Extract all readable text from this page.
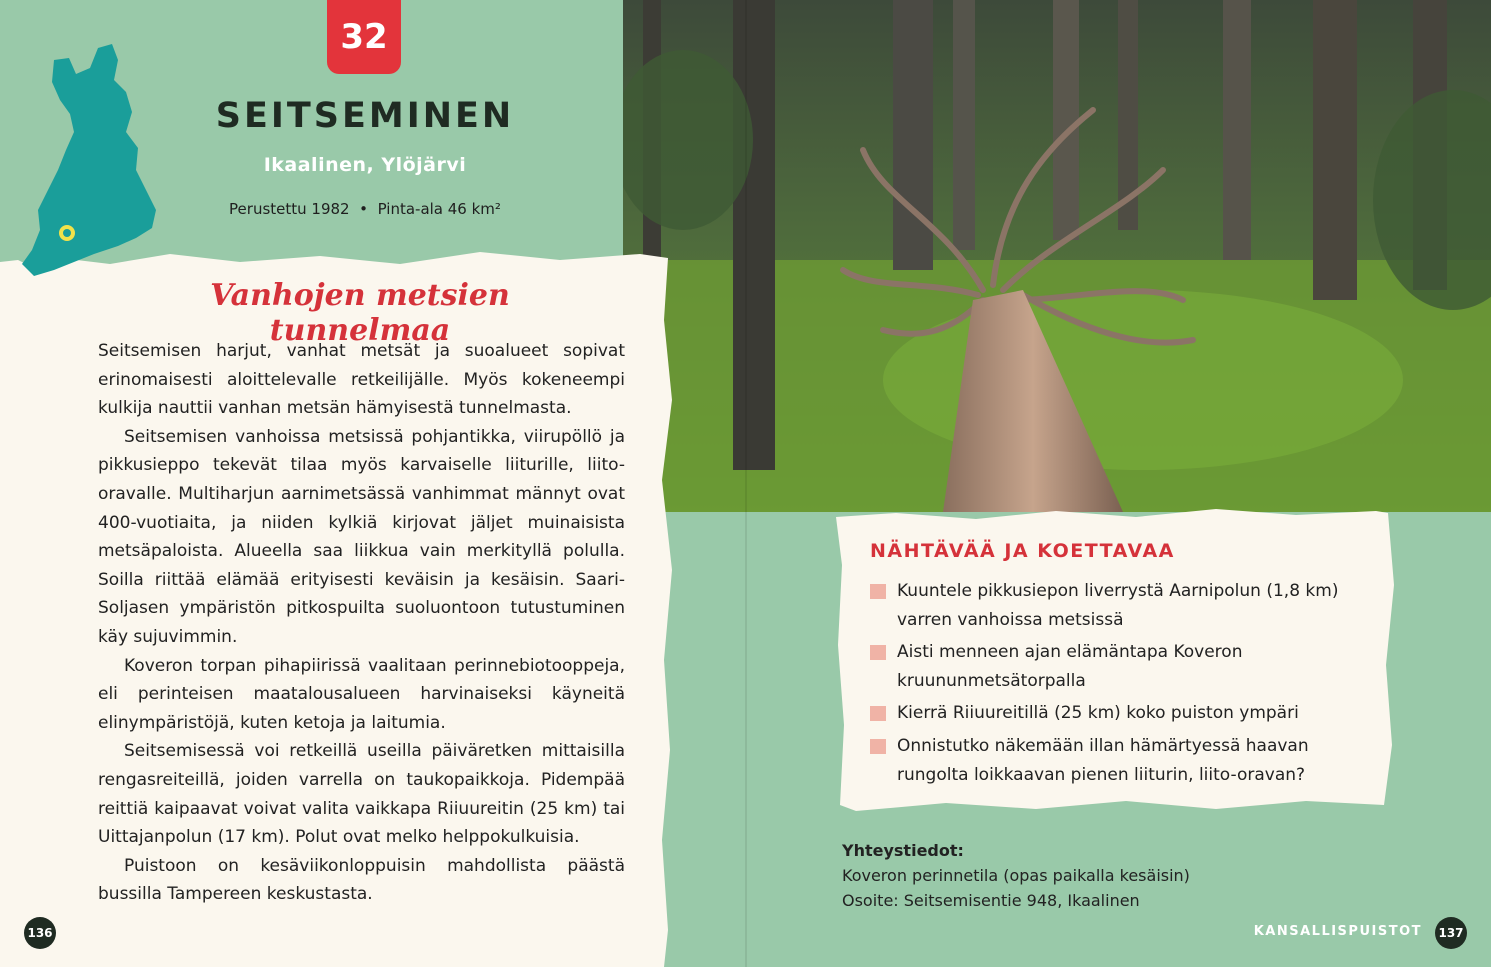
32
SEITSEMINEN
Ikaalinen, Ylöjärvi
Perustettu 1982 • Pinta-ala 46 km²
Vanhojen metsien tunnelmaa

Seitsemisen harjut, vanhat metsät ja suoalueet sopivat erinomaisesti aloittelevalle retkeilijälle. Myös kokeneempi kulkija nauttii vanhan metsän hämyisestä tunnelmasta.

Seitsemisen vanhoissa metsissä pohjantikka, viirupöllö ja pikkusieppo tekevät tilaa myös karvaiselle liiturille, liito-oravalle. Multiharjun aarnimetsässä vanhimmat männyt ovat 400-vuotiaita, ja niiden kylkiä kirjovat jäljet muinaisista metsäpaloista. Alueella saa liikkua vain merkityllä polulla. Soilla riittää elämää erityisesti keväisin ja kesäisin. Saari-Soljasen ympäristön pitkospuilta suoluontoon tutustuminen käy sujuvimmin.

Koveron torpan pihapiirissä vaalitaan perinnebiotooppeja, eli perinteisen maatalousalueen harvinaiseksi käyneitä elinympäristöjä, kuten ketoja ja laitumia.

Seitsemisessä voi retkeillä useilla päiväretken mittaisilla rengasreiteillä, joiden varrella on taukopaikkoja. Pidempää reittiä kaipaavat voivat valita vaikkapa Riiuureitin (25 km) tai Uittajanpolun (17 km). Polut ovat melko helppokulkuisia.

Puistoon on kesäviikonloppuisin mahdollista päästä bussilla Tampereen keskustasta.

NÄHTÄVÄÄ JA KOETTAVAA
Kuuntele pikkusiepon liverrystä Aarnipolun (1,8 km) varren vanhoissa metsissä
Aisti menneen ajan elämäntapa Koveron kruununmetsätorpalla
Kierrä Riiuureitillä (25 km) koko puiston ympäri
Onnistutko näkemään illan hämärtyessä haavan rungolta loikkaavan pienen liiturin, liito-oravan?
Yhteystiedot:
Koveron perinnetila (opas paikalla kesäisin)
Osoite: Seitsemisentie 948, Ikaalinen
136	KANSALLISPUISTOT 137
